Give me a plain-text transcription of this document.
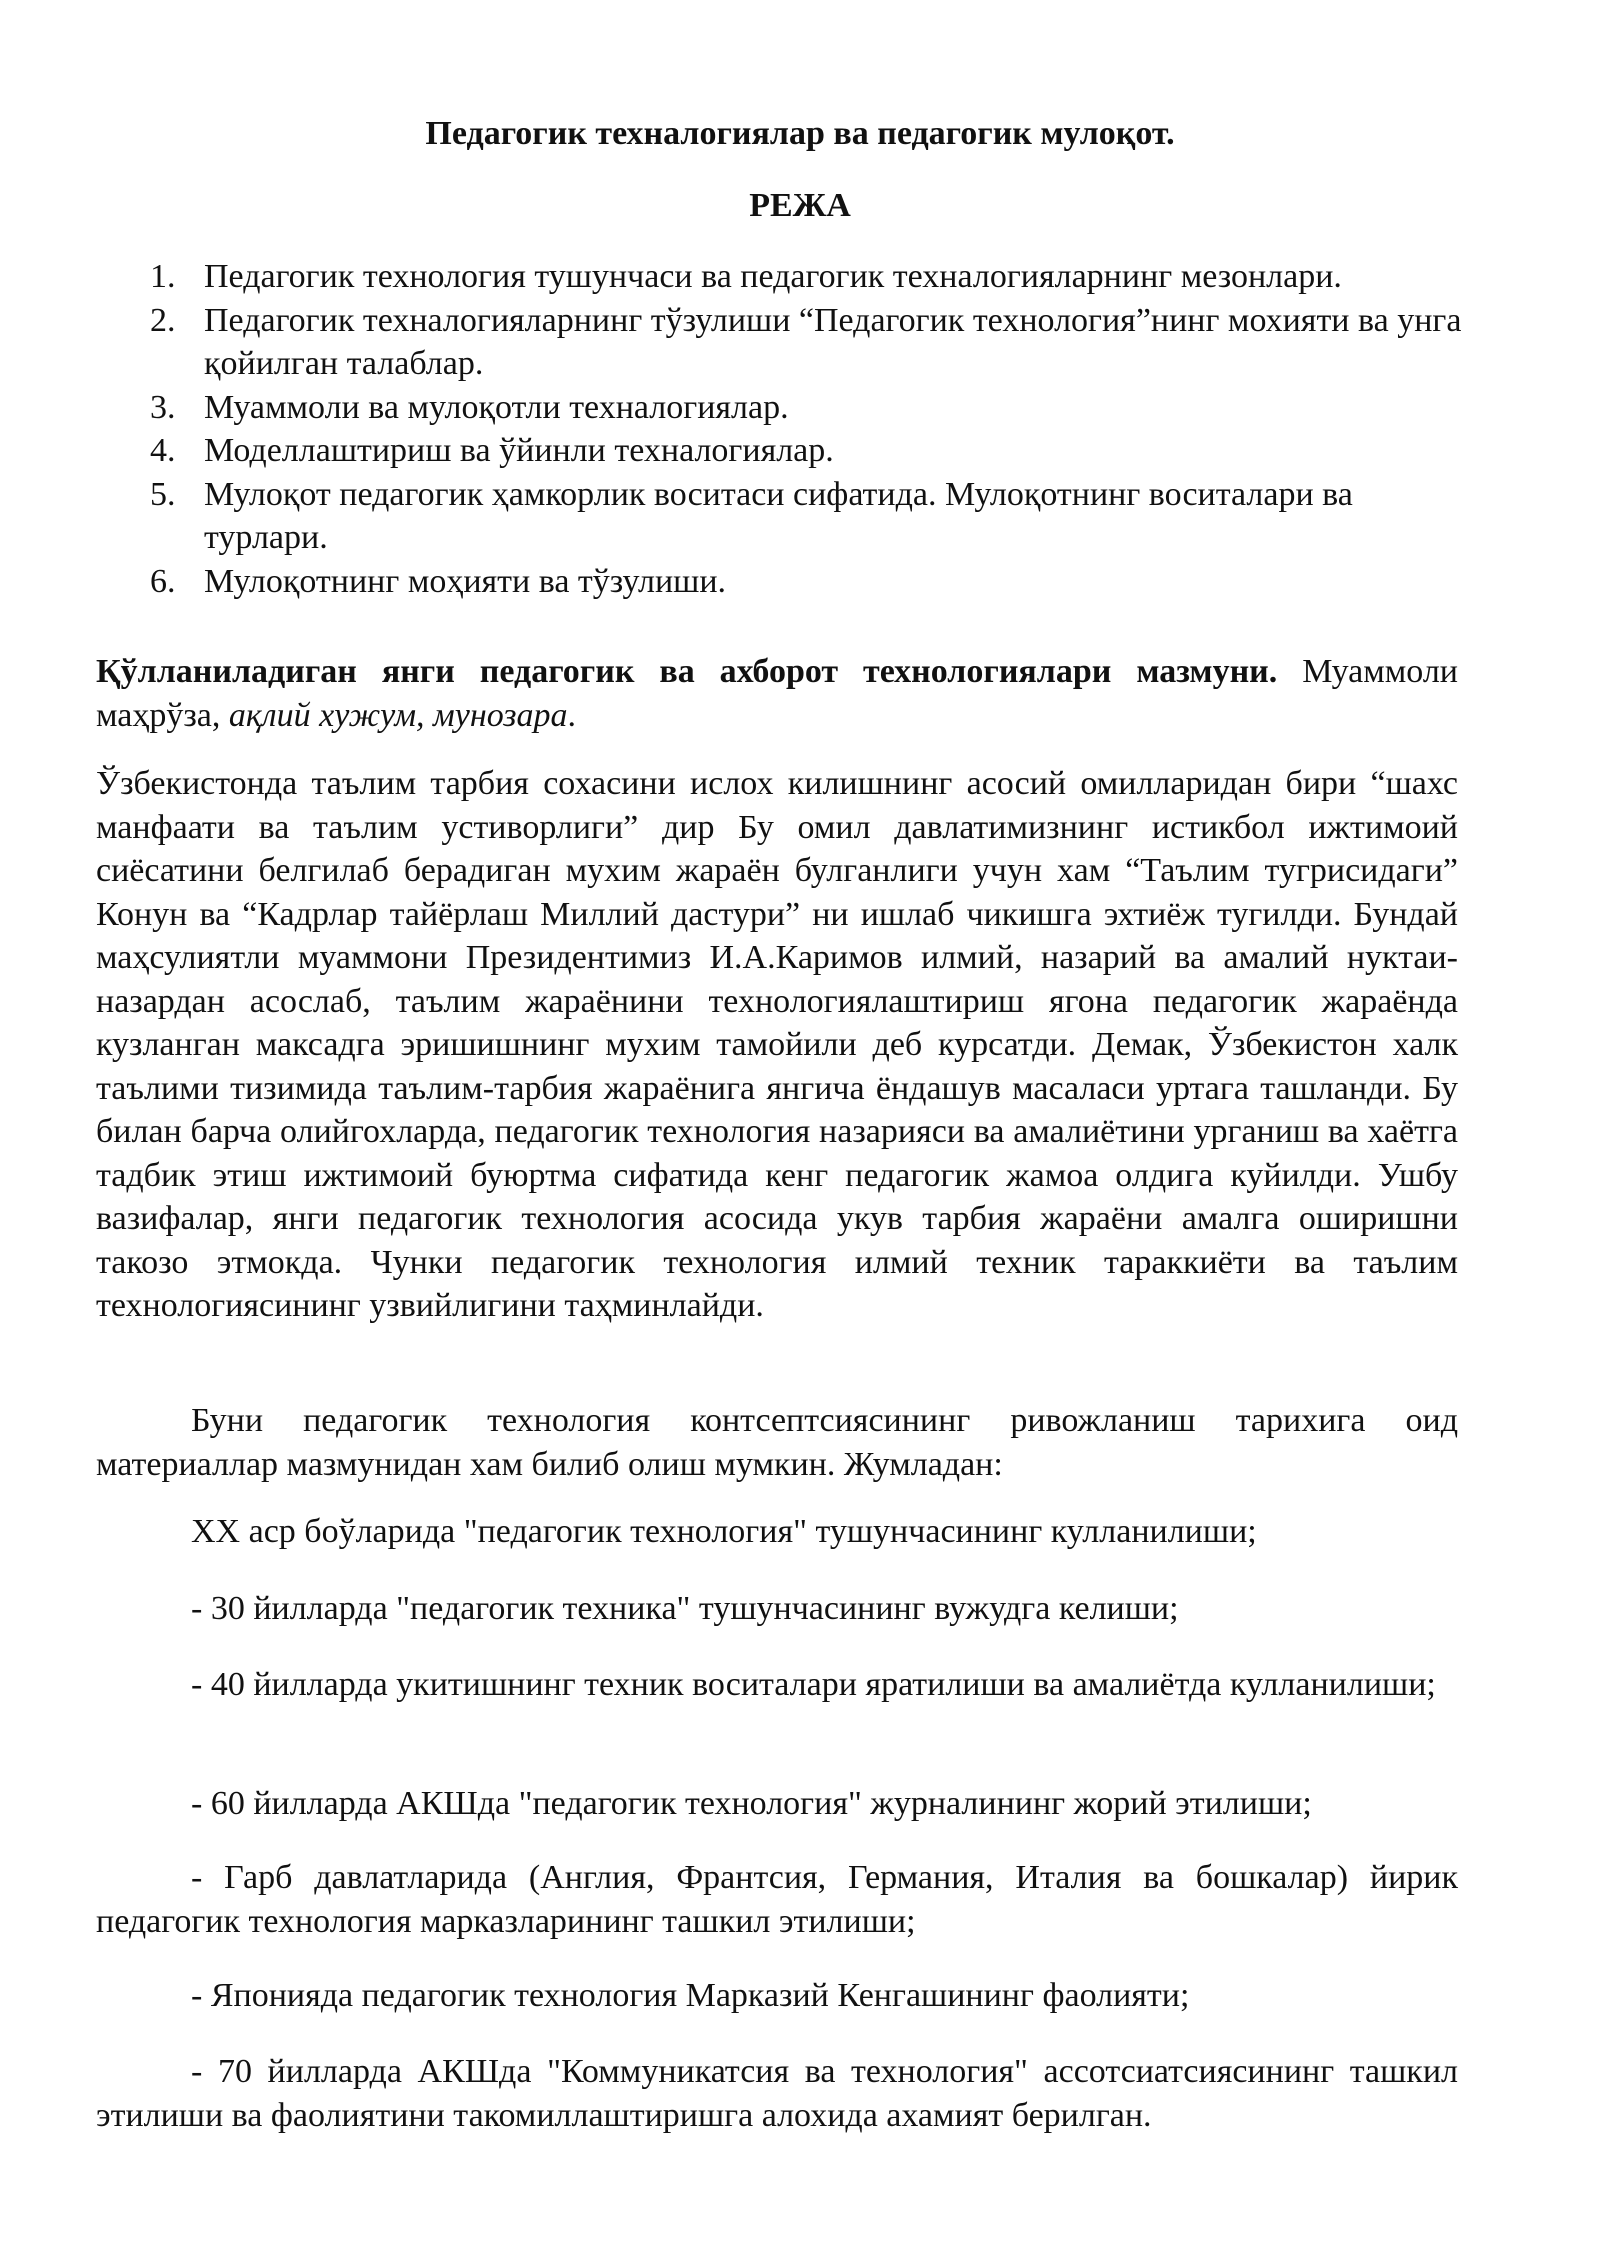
Педагогик техналогиялар ва педагогик мулоқот.
РЕЖА
1. Педагогик технология тушунчаси ва педагогик техналогияларнинг мезонлари.
2. Педагогик техналогияларнинг тўзулиши “Педагогик технология”нинг мохияти ва унга қойилган талаблар.
3. Муаммоли ва мулоқотли техналогиялар.
4. Моделлаштириш ва ўйинли техналогиялар.
5. Мулоқот педагогик ҳамкорлик воситаси сифатида. Мулоқотнинг воситалари ва турлари.
6. Мулоқотнинг моҳияти ва тўзулиши.

Қўлланиладиган янги педагогик ва ахборот технологиялари мазмуни. Муаммоли маҳрўза, ақлий хужум, мунозара.

Ўзбекистонда таълим тарбия сохасини ислох килишнинг асосий омилларидан бири “шахс манфаати ва таълим устиворлиги” дир Бу омил давлатимизнинг истикбол ижтимоий сиёсатини белгилаб берадиган мухим жараён булганлиги учун хам “Таълим тугрисидаги” Конун ва “Кадрлар тайёрлаш Миллий дастури” ни ишлаб чикишга эхтиёж тугилди. Бундай маҳсулиятли муаммони Президентимиз И.А.Каримов илмий, назарий ва амалий нуктаи-назардан асослаб, таълим жараёнини технологиялаштириш ягона педагогик жараёнда кузланган максадга эришишнинг мухим тамойили деб курсатди. Демак, Ўзбекистон халк таълими тизимида таълим-тарбия жараёнига янгича ёндашув масаласи уртага ташланди. Бу билан барча олийгохларда, педагогик технология назарияси ва амалиётини урганиш ва хаётга тадбик этиш ижтимоий буюртма сифатида кенг педагогик жамоа олдига куйилди. Ушбу вазифалар, янги педагогик технология асосида укув тарбия жараёни амалга оширишни такозо этмокда. Чунки педагогик технология илмий техник тараккиёти ва таълим технологиясининг узвийлигини таҳминлайди.

Буни педагогик технология контсептсиясининг ривожланиш тарихига оид материаллар мазмунидан хам билиб олиш мумкин. Жумладан:

XX аср боўларида "педагогик технология" тушунчасининг кулланилиши;

- 30 йилларда "педагогик техника" тушунчасининг вужудга келиши;

- 40 йилларда укитишнинг техник воситалари яратилиши ва амалиётда кулланилиши;

- 60 йилларда АКШда "педагогик технология" журналининг жорий этилиши;

- Гарб давлатларида (Англия, Франтсия, Германия, Италия ва бошкалар) йирик педагогик технология марказларининг ташкил этилиши;

- Японияда педагогик технология Марказий Кенгашининг фаолияти;

- 70 йилларда АКШда "Коммуникатсия ва технология" ассотсиатсиясининг ташкил этилиши ва фаолиятини такомиллаштиришга алохида ахамият берилган.
